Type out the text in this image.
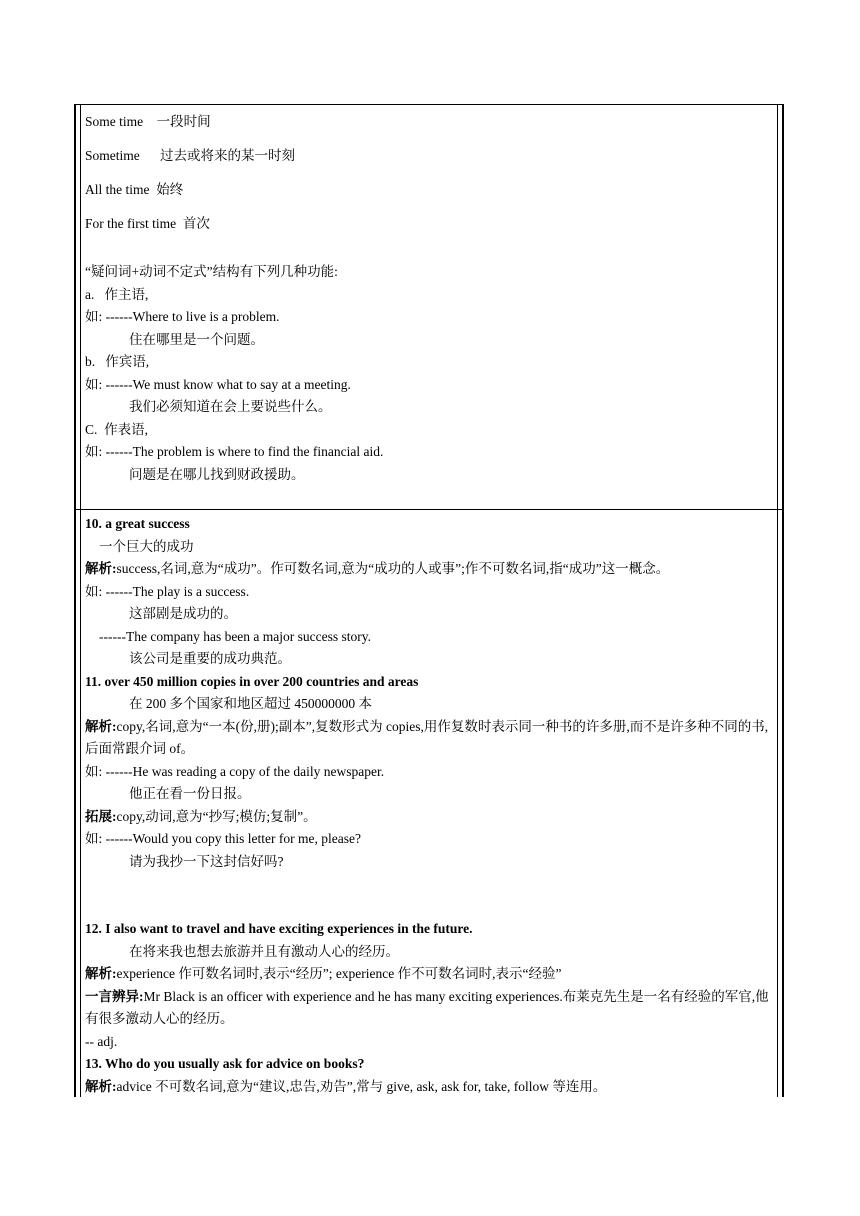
Some time 一段时间
Sometime 过去或将来的某一时刻
All the time 始终
For the first time 首次
“疑问词+动词不定式”结构有下列几种功能:
a. 作主语,
如: ------Where to live is a problem.
住在哪里是一个问题。
b. 作宾语,
如: ------We must know what to say at a meeting.
我们必须知道在会上要说些什么。
C. 作表语,
如: ------The problem is where to find the financial aid.
问题是在哪儿找到财政援助。
10. a great success
一个巨大的成功
解析:success,名词,意为“成功”。作可数名词,意为“成功的人或事”;作不可数名词,指“成功”这一概念。
如: ------The play is a success.
这部剧是成功的。
------The company has been a major success story.
该公司是重要的成功典范。
11. over 450 million copies in over 200 countries and areas
在 200 多个国家和地区超过 450000000 本
解析:copy,名词,意为“一本(份,册);副本”,复数形式为 copies,用作复数时表示同一种书的许多册,而不是许多种不同的书,后面常跟介词 of。
如: ------He was reading a copy of the daily newspaper.
他正在看一份日报。
拓展:copy,动词,意为“抄写;模仿;复制”。
如: ------Would you copy this letter for me, please?
请为我抄一下这封信好吗?
12. I also want to travel and have exciting experiences in the future.
在将来我也想去旅游并且有激动人心的经历。
解析:experience 作可数名词时,表示“经历”; experience 作不可数名词时,表示“经验”
一言辨异:Mr Black is an officer with experience and he has many exciting experiences.布莱克先生是一名有经验的军官,他有很多激动人心的经历。
-- adj.
13. Who do you usually ask for advice on books?
解析:advice 不可数名词,意为“建议,忠告,劝告”,常与 give, ask, ask for, take, follow 等连用。
